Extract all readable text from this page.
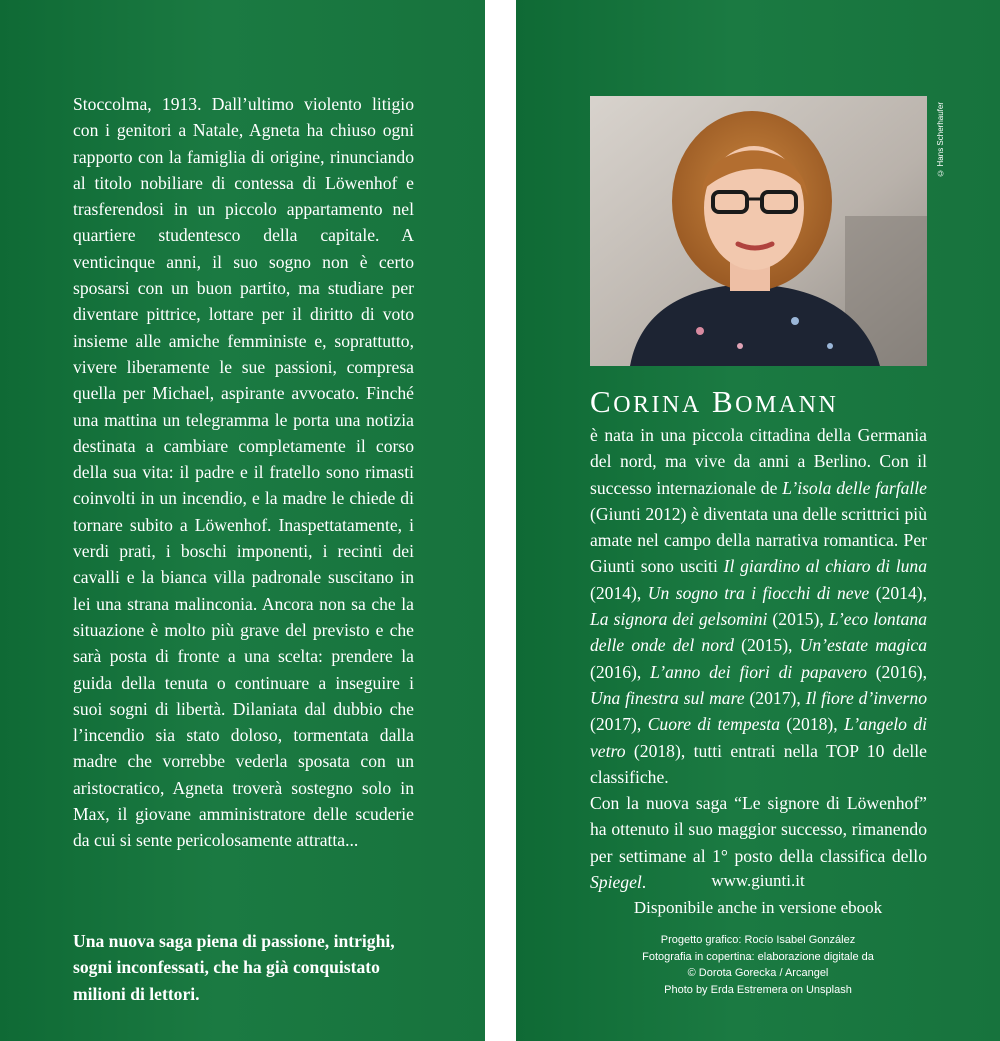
Stoccolma, 1913. Dall’ultimo violento litigio con i genitori a Natale, Agneta ha chiuso ogni rapporto con la famiglia di origine, rinunciando al titolo nobiliare di contessa di Löwenhof e trasferendosi in un piccolo appartamento nel quartiere studentesco della capitale. A venticinque anni, il suo sogno non è certo sposarsi con un buon partito, ma studiare per diventare pittrice, lottare per il diritto di voto insieme alle amiche femministe e, soprattutto, vivere liberamente le sue passioni, compresa quella per Michael, aspirante avvocato. Finché una mattina un telegramma le porta una notizia destinata a cambiare completamente il corso della sua vita: il padre e il fratello sono rimasti coinvolti in un incendio, e la madre le chiede di tornare subito a Löwenhof. Inaspettatamente, i verdi prati, i boschi imponenti, i recinti dei cavalli e la bianca villa padronale suscitano in lei una strana malinconia. Ancora non sa che la situazione è molto più grave del previsto e che sarà posta di fronte a una scelta: prendere la guida della tenuta o continuare a inseguire i suoi sogni di libertà. Dilaniata dal dubbio che l’incendio sia stato doloso, tormentata dalla madre che vorrebbe vederla sposata con un aristocratico, Agneta troverà sostegno solo in Max, il giovane amministratore delle scuderie da cui si sente pericolosamente attratta...

Una nuova saga piena di passione, intrighi, sogni inconfessati, che ha già conquistato milioni di lettori.

© Hans Scherhaufer
CORINA BOMANN

è nata in una piccola cittadina della Germania del nord, ma vive da anni a Berlino. Con il successo internazionale de L’isola delle farfalle (Giunti 2012) è diventata una delle scrittrici più amate nel campo della narrativa romantica. Per Giunti sono usciti Il giardino al chiaro di luna (2014), Un sogno tra i fiocchi di neve (2014), La signora dei gelsomini (2015), L’eco lontana delle onde del nord (2015), Un’estate magica (2016), L’anno dei fiori di papavero (2016), Una finestra sul mare (2017), Il fiore d’inverno (2017), Cuore di tempesta (2018), L’angelo di vetro (2018), tutti entrati nella TOP 10 delle classifiche.

Con la nuova saga “Le signore di Löwenhof” ha ottenuto il suo maggior successo, rimanendo per settimane al 1° posto della classifica dello Spiegel.	www.giunti.it
Disponibile anche in versione ebook
Progetto grafico: Rocío Isabel González
Fotografia in copertina: elaborazione digitale da
© Dorota Gorecka / Arcangel
Photo by Erda Estremera on Unsplash
